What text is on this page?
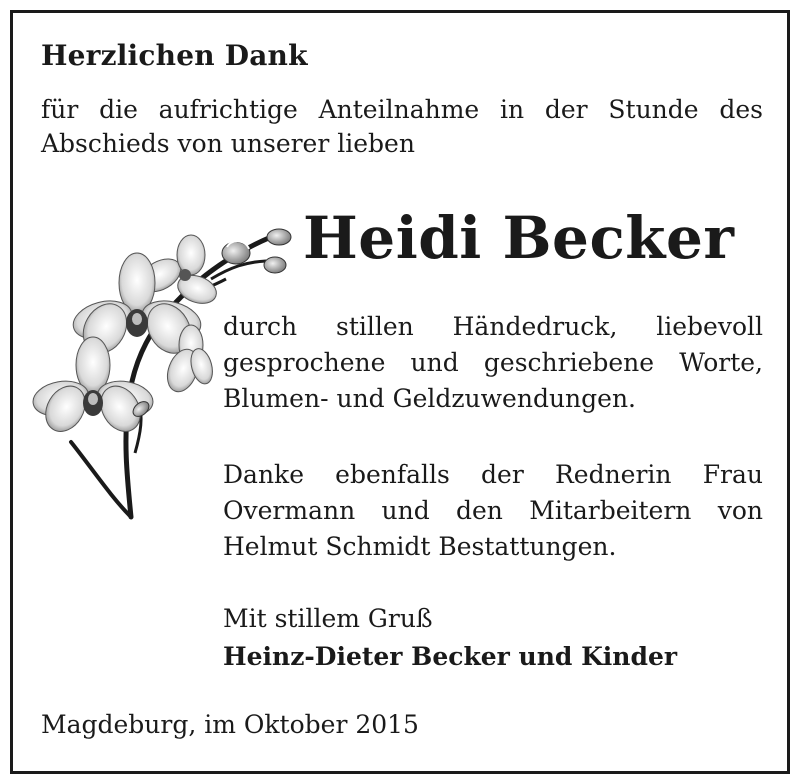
Herzlichen Dank
für die aufrichtige Anteilnahme in der Stunde des Abschieds von unserer lieben
Heidi Becker
durch stillen Händedruck, liebevoll gesprochene und geschriebene Worte, Blumen- und Geldzuwendungen.
Danke ebenfalls der Rednerin Frau Overmann und den Mitarbeitern von Helmut Schmidt Bestattungen.
Mit stillem Gruß
Heinz-Dieter Becker und Kinder
Magdeburg, im Oktober 2015
